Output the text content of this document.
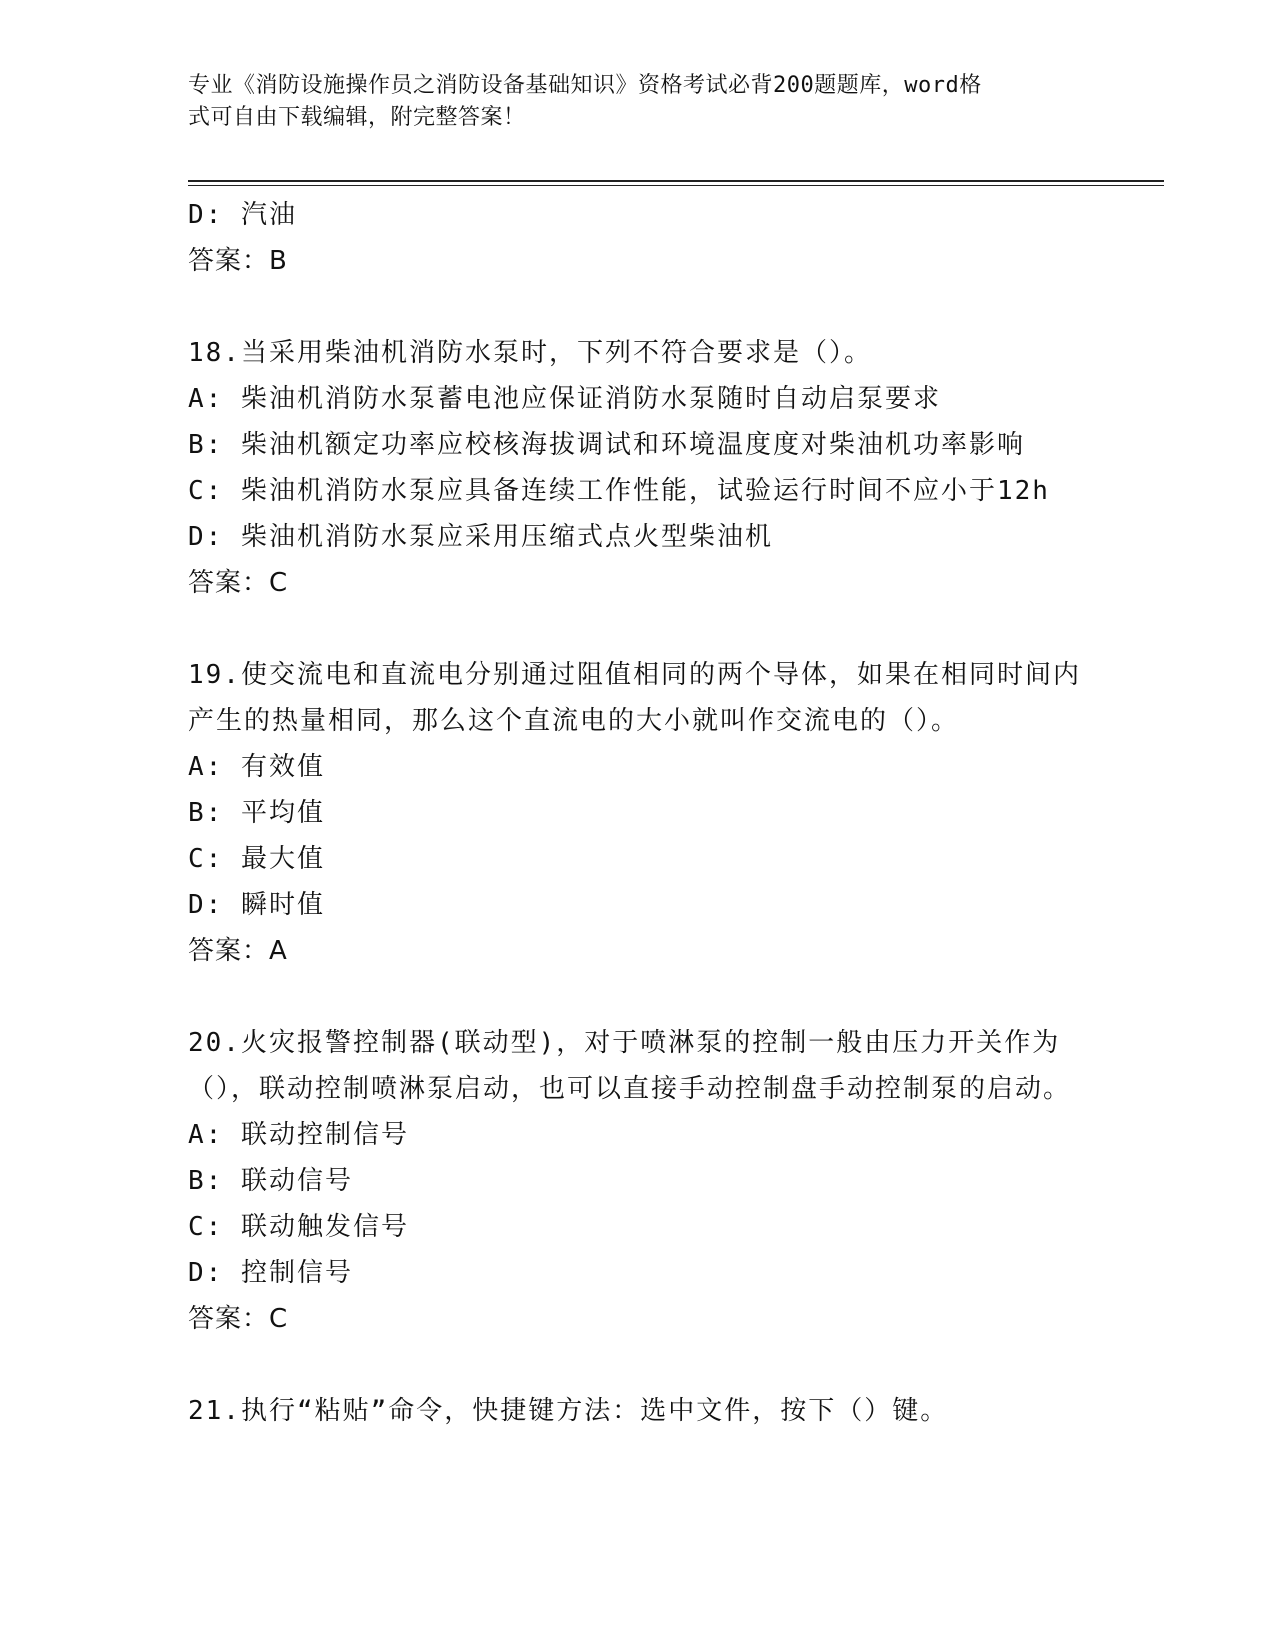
专业《消防设施操作员之消防设备基础知识》资格考试必背200题题库，word格
式可自由下载编辑，附完整答案！
D: 汽油
答案：B
18.当采用柴油机消防水泵时，下列不符合要求是（）。
A: 柴油机消防水泵蓄电池应保证消防水泵随时自动启泵要求
B: 柴油机额定功率应校核海拔调试和环境温度度对柴油机功率影响
C: 柴油机消防水泵应具备连续工作性能，试验运行时间不应小于12h
D: 柴油机消防水泵应采用压缩式点火型柴油机
答案：C
19.使交流电和直流电分别通过阻值相同的两个导体，如果在相同时间内产生的热量相同，那么这个直流电的大小就叫作交流电的（）。
A: 有效值
B: 平均值
C: 最大值
D: 瞬时值
答案：A
20.火灾报警控制器(联动型)，对于喷淋泵的控制一般由压力开关作为（），联动控制喷淋泵启动，也可以直接手动控制盘手动控制泵的启动。
A: 联动控制信号
B: 联动信号
C: 联动触发信号
D: 控制信号
答案：C
21.执行“粘贴”命令，快捷键方法：选中文件，按下（）键。
